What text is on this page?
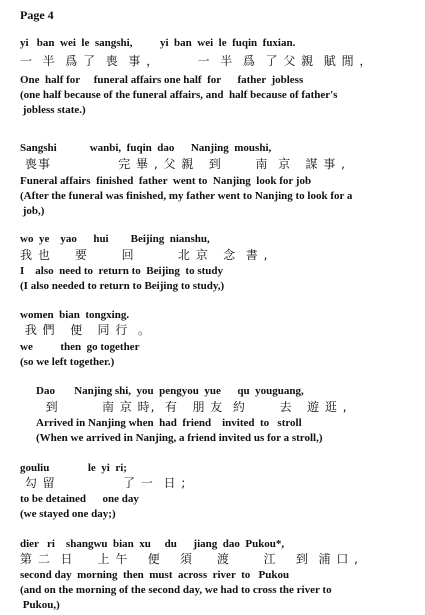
Page 4
yi   ban  wei  le  sangshi,          yi  ban  wei  le  fuqin  fuxian.
一  半  爲 了  喪  事 ，        一  半  爲  了 父 親  賦 閒 ，
One  half for     funeral affairs one half  for      father  jobless
(one half because of the funeral affairs, and  half because of father's
jobless state.)
Sangshi            wanbi,  fuqin  dao      Nanjing  moushi,
喪事              完 畢 , 父 親   到       南  京   謀 事 ,
Funeral affairs  finished  father  went to  Nanjing  look for job
(After the funeral was finished, my father went to Nanjing to look for a
job,)
wo  ye    yao      hui        Beijing  nianshu,
我 也     要       回         北 京   念  書 ,
I    also  need to  return to  Beijing  to study
(I also needed to return to Beijing to study,)
women  bian  tongxing.
我 們   便   同 行  。
we          then  go together
(so we left together.)
Dao       Nanjing shi,  you  pengyou  yue      qu  youguang,
到         南 京 時,  有   朋 友  約       去   遊 逛 ,
Arrived in Nanjing when  had  friend    invited  to   stroll
(When we arrived in Nanjing, a friend invited us for a stroll,)
gouliu              le  yi  ri;
勾 留              了 一  日 ;
to be detained      one day
(we stayed one day;)
dier   ri    shangwu  bian  xu     du      jiang  dao  Pukou*,
第 二  日     上 午    便    須     渡       江    到  浦 口 ,
second day  morning  then  must  across  river  to   Pukou
(and on the morning of the second day, we had to cross the river to
Pukou,)
